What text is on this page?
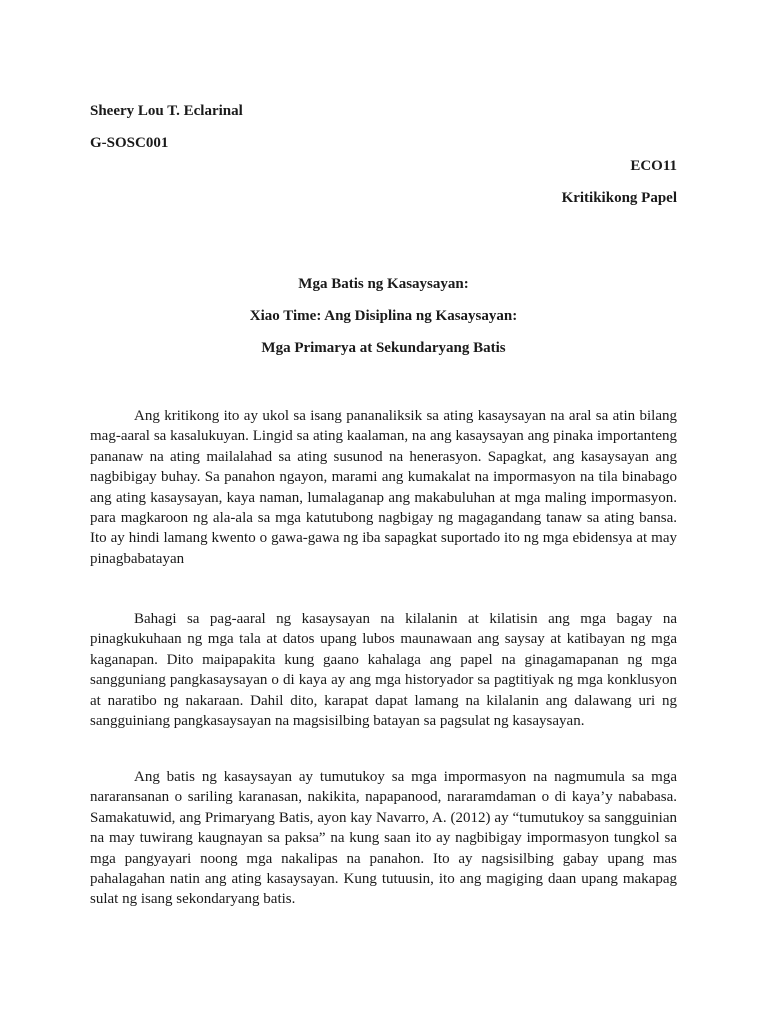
Sheery Lou T. Eclarinal
G-SOSC001
ECO11
Kritikikong Papel
Mga Batis ng Kasaysayan:
Xiao Time: Ang Disiplina ng Kasaysayan:
Mga Primarya at Sekundaryang Batis

Ang kritikong ito ay ukol sa isang pananaliksik sa ating kasaysayan na aral sa atin bilang mag-aaral sa kasalukuyan. Lingid sa ating kaalaman, na ang kasaysayan ang pinaka importanteng pananaw na ating mailalahad sa ating susunod na henerasyon. Sapagkat, ang kasaysayan ang nagbibigay buhay. Sa panahon ngayon, marami ang kumakalat na impormasyon na tila binabago ang ating kasaysayan, kaya naman, lumalaganap ang makabuluhan at mga maling impormasyon. para magkaroon ng ala-ala sa mga katutubong nagbigay ng magagandang tanaw sa ating bansa. Ito ay hindi lamang kwento o gawa-gawa ng iba sapagkat suportado ito ng mga ebidensya at may pinagbabatayan

Bahagi sa pag-aaral ng kasaysayan na kilalanin at kilatisin ang mga bagay na pinagkukuhaan ng mga tala at datos upang lubos maunawaan ang saysay at katibayan ng mga kaganapan. Dito maipapakita kung gaano kahalaga ang papel na ginagamapanan ng mga sangguniang pangkasaysayan o di kaya ay ang mga historyador sa pagtitiyak ng mga konklusyon at naratibo ng nakaraan. Dahil dito, karapat dapat lamang na kilalanin ang dalawang uri ng sangguiniang pangkasaysayan na magsisilbing batayan sa pagsulat ng kasaysayan.

Ang batis ng kasaysayan ay tumutukoy sa mga impormasyon na nagmumula sa mga nararansanan o sariling karanasan, nakikita, napapanood, nararamdaman o di kaya’y nababasa. Samakatuwid, ang Primaryang Batis, ayon kay Navarro, A. (2012) ay “tumutukoy sa sangguinian na may tuwirang kaugnayan sa paksa” na kung saan ito ay nagbibigay impormasyon tungkol sa mga pangyayari noong mga nakalipas na panahon. Ito ay nagsisilbing gabay upang mas pahalagahan natin ang ating kasaysayan. Kung tutuusin, ito ang magiging daan upang makapag sulat ng isang sekondaryang batis.
